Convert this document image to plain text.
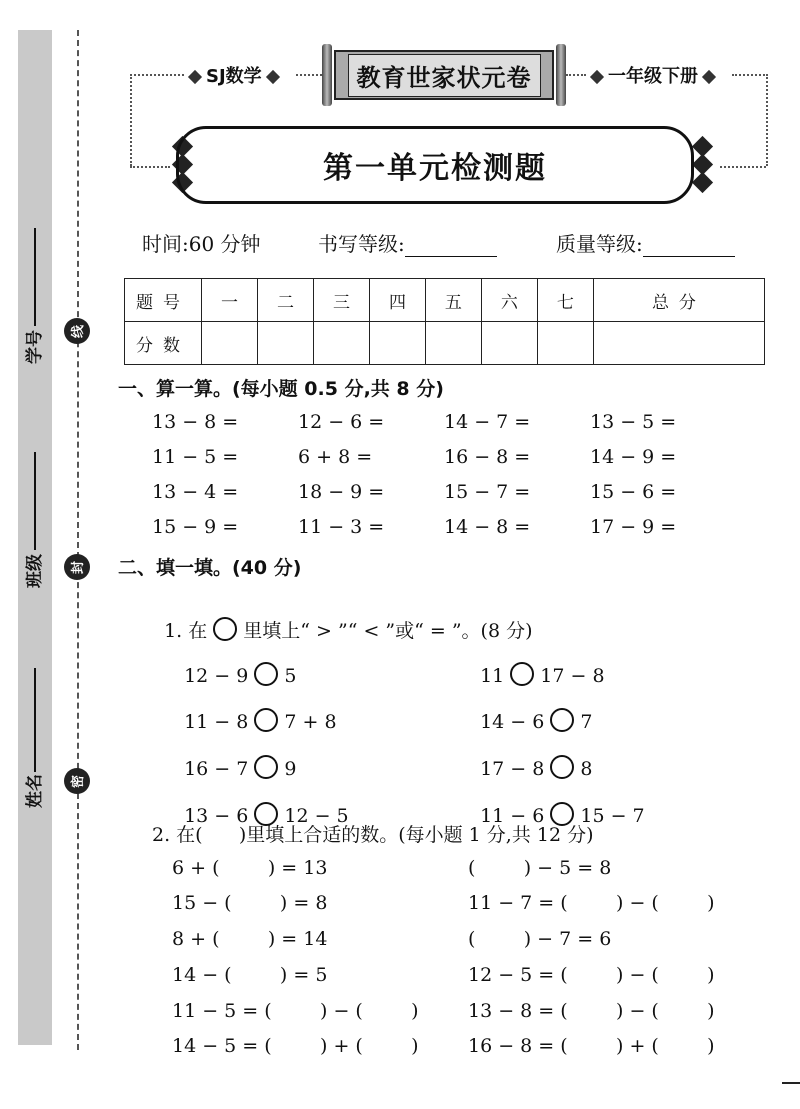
学号
班级
姓名
线
封
密
SJ数学	一年级下册
教育世家状元卷
第一单元检测题
时间:60 分钟	书写等级:	质量等级:
题号	一	二	三	四	五	六	七	总分
分数								
一、算一算。(每小题 0.5 分,共 8 分)
13 − 8 =	12 − 6 =	14 − 7 =	13 − 5 =
11 − 5 =	6 + 8 =	16 − 8 =	14 − 9 =
13 − 4 =	18 − 9 =	15 − 7 =	15 − 6 =
15 − 9 =	11 − 3 =	14 − 8 =	17 − 9 =
二、填一填。(40 分)

1. 在 里填上“ > ”“ < ”或“ = ”。(8 分)

12 − 9 5	11 17 − 8

11 − 8 7 + 8	14 − 6 7

16 − 7 9	17 − 8 8

13 − 6 12 − 5	11 − 6 15 − 7

2. 在(      )里填上合适的数。(每小题 1 分,共 12 分)
6 + (        ) = 13	(        ) − 5 = 8
15 − (        ) = 8	11 − 7 = (        ) − (        )
8 + (        ) = 14	(        ) − 7 = 6
14 − (        ) = 5	12 − 5 = (        ) − (        )
11 − 5 = (        ) − (        )	13 − 8 = (        ) − (        )
14 − 5 = (        ) + (        )	16 − 8 = (        ) + (        )
